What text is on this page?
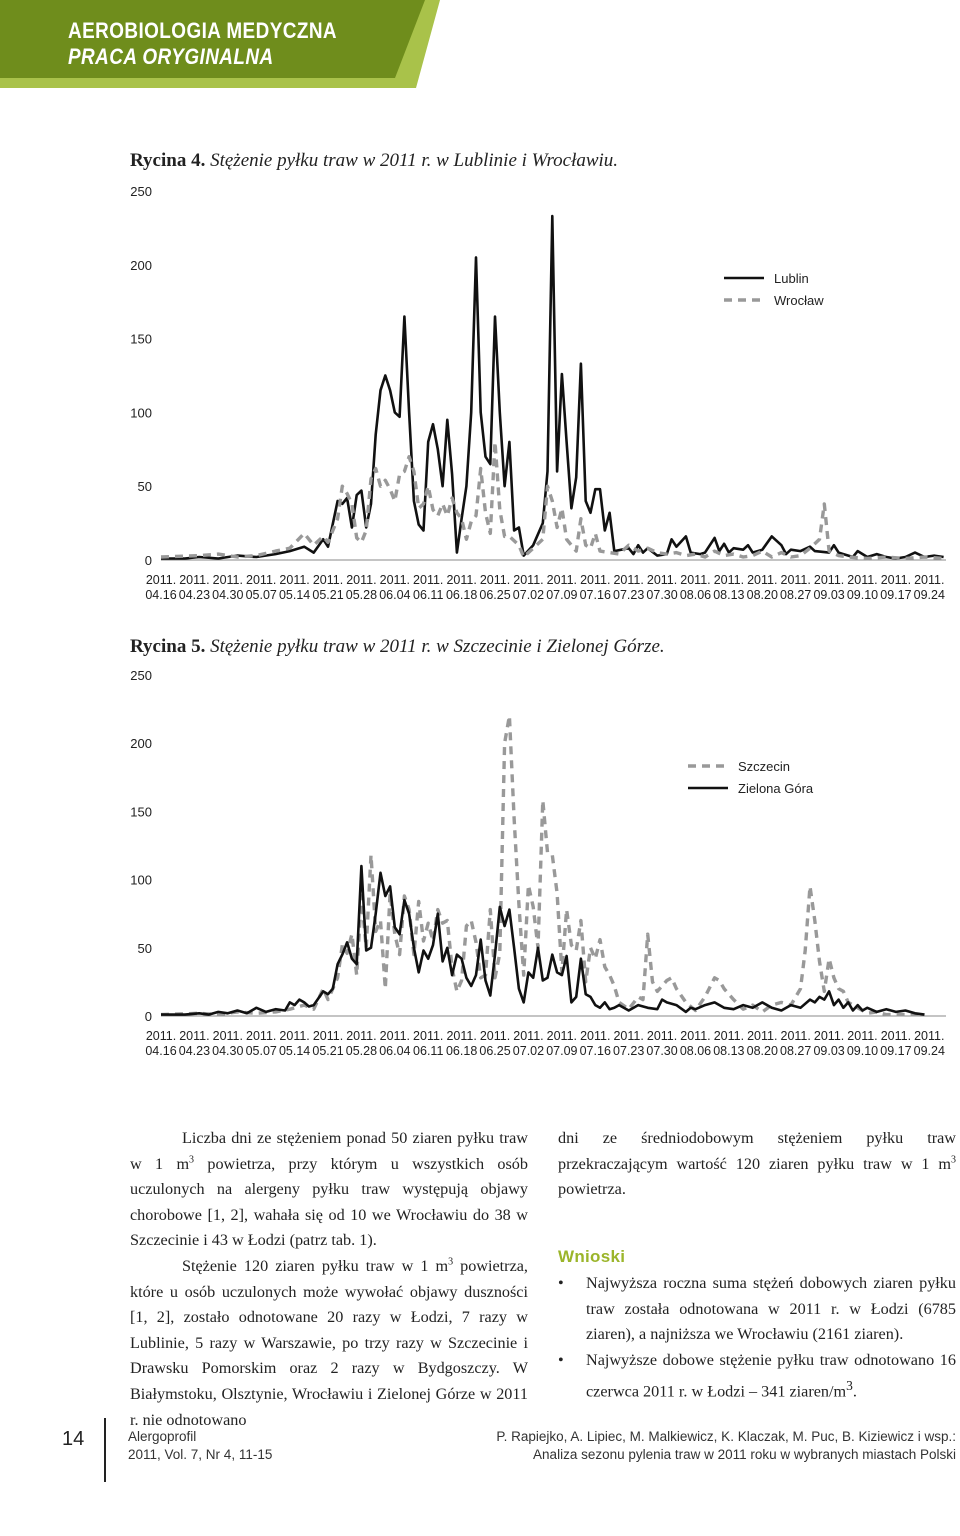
AEROBIOLOGIA MEDYCZNA
PRACA ORYGINALNA
Rycina 4. Stężenie pyłku traw w 2011 r. w Lublinie i Wrocławiu.
0
50
100
150
200
250
2011.
04.16
2011.
04.23
2011.
04.30
2011.
05.07
2011.
05.14
2011.
05.21
2011.
05.28
2011.
06.04
2011.
06.11
2011.
06.18
2011.
06.25
2011.
07.02
2011.
07.09
2011.
07.16
2011.
07.23
2011.
07.30
2011.
08.06
2011.
08.13
2011.
08.20
2011.
08.27
2011.
09.03
2011.
09.10
2011.
09.17
2011.
09.24
Lublin
Wrocław
Rycina 5. Stężenie pyłku traw w 2011 r. w Szczecinie i Zielonej Górze.
0
50
100
150
200
250
2011.
04.16
2011.
04.23
2011.
04.30
2011.
05.07
2011.
05.14
2011.
05.21
2011.
05.28
2011.
06.04
2011.
06.11
2011.
06.18
2011.
06.25
2011.
07.02
2011.
07.09
2011.
07.16
2011.
07.23
2011.
07.30
2011.
08.06
2011.
08.13
2011.
08.20
2011.
08.27
2011.
09.03
2011.
09.10
2011.
09.17
2011.
09.24
Szczecin
Zielona Góra

Liczba dni ze stężeniem ponad 50 ziaren pyłku traw w 1 $m^3$ powietrza, przy którym u wszystkich osób uczulonych na alergeny pyłku traw występują objawy chorobowe [1, 2], wahała się od 10 we Wrocławiu do 38 w Szczecinie i 43 w Łodzi (patrz tab. 1).

Stężenie 120 ziaren pyłku traw w 1 $m^3$ powietrza, które u osób uczulonych może wywołać objawy duszności [1, 2], zostało odnotowane 20 razy w Łodzi, 7 razy w Lublinie, 5 razy w Warszawie, po trzy razy w Szczecinie i Drawsku Pomorskim oraz 2 razy w Bydgoszczy. W Białymstoku, Olsztynie, Wrocławiu i Zielonej Górze w 2011 r. nie odnotowano

dni ze średniodobowym stężeniem pyłku traw przekraczającym wartość 120 ziaren pyłku traw w 1 $m^3$ powietrza.

Wnioski
• Najwyższa roczna suma stężeń dobowych ziaren pyłku traw została odnotowana w 2011 r. w Łodzi (6785 ziaren), a najniższa we Wrocławiu (2161 ziaren).
• Najwyższe dobowe stężenie pyłku traw odnotowano 16 czerwca 2011 r. w Łodzi – 341 ziaren/$m^3$.
14	Alergoprofil
2011, Vol. 7, Nr 4, 11-15
P. Rapiejko, A. Lipiec, M. Malkiewicz, K. Klaczak, M. Puc, B. Kiziewicz i wsp.:
Analiza sezonu pylenia traw w 2011 roku w wybranych miastach Polski
